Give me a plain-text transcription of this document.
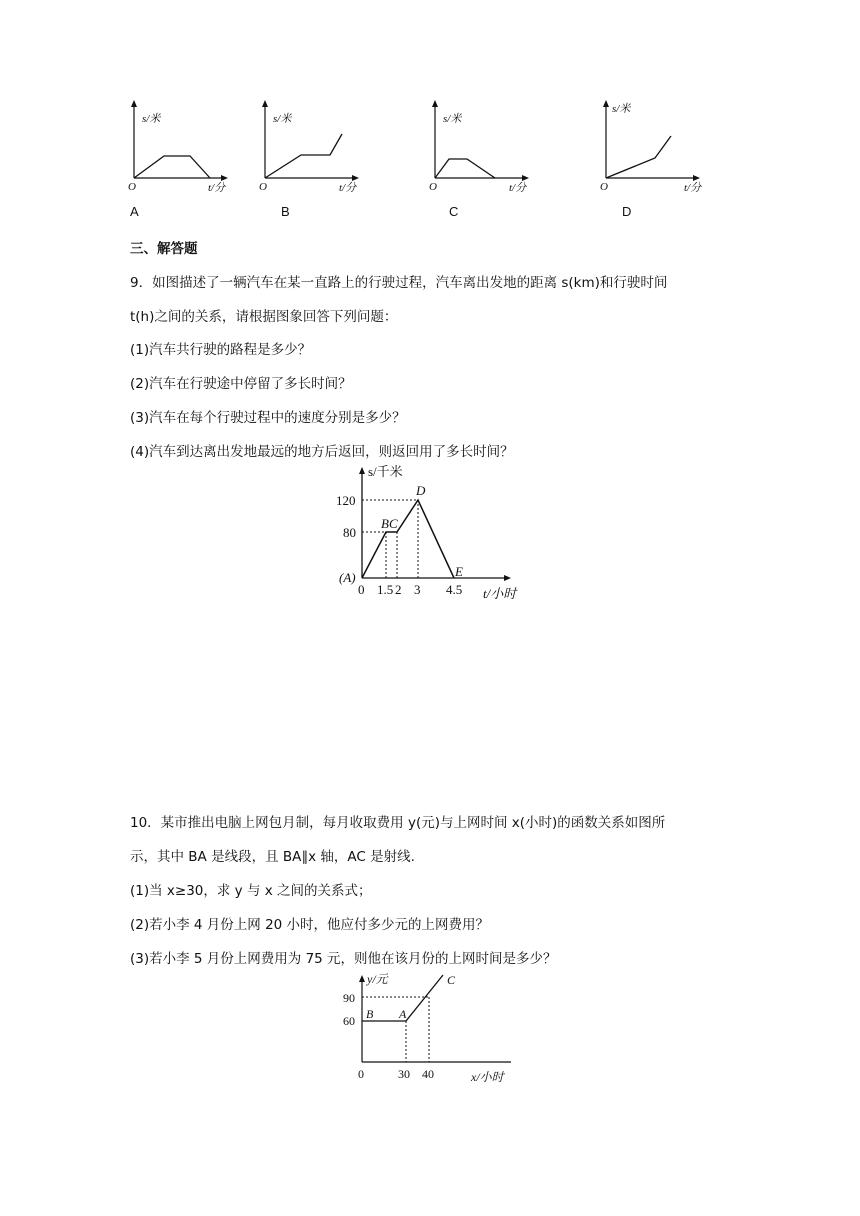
s/米
O	t/分
A
s/米
O	t/分
B
s/米
O	t/分
C
s/米
O	t/分
D
三、解答题
9．如图描述了一辆汽车在某一直路上的行驶过程，汽车离出发地的距离 s(km)和行驶时间
t(h)之间的关系，请根据图象回答下列问题：
(1)汽车共行驶的路程是多少？
(2)汽车在行驶途中停留了多长时间？
(3)汽车在每个行驶过程中的速度分别是多少？
(4)汽车到达离出发地最远的地方后返回，则返回用了多长时间？
s/千米
120
80
(A)
BC
D
E
0 1.5 2 3 4.5 t/小时
10．某市推出电脑上网包月制，每月收取费用 y(元)与上网时间 x(小时)的函数关系如图所
示，其中 BA 是线段，且 BA∥x 轴，AC 是射线.
(1)当 x≥30，求 y 与 x 之间的关系式；
(2)若小李 4 月份上网 20 小时，他应付多少元的上网费用？
(3)若小李 5 月份上网费用为 75 元，则他在该月份的上网时间是多少？
y/元
90
60 B A
C
0	30 40	x/小时
